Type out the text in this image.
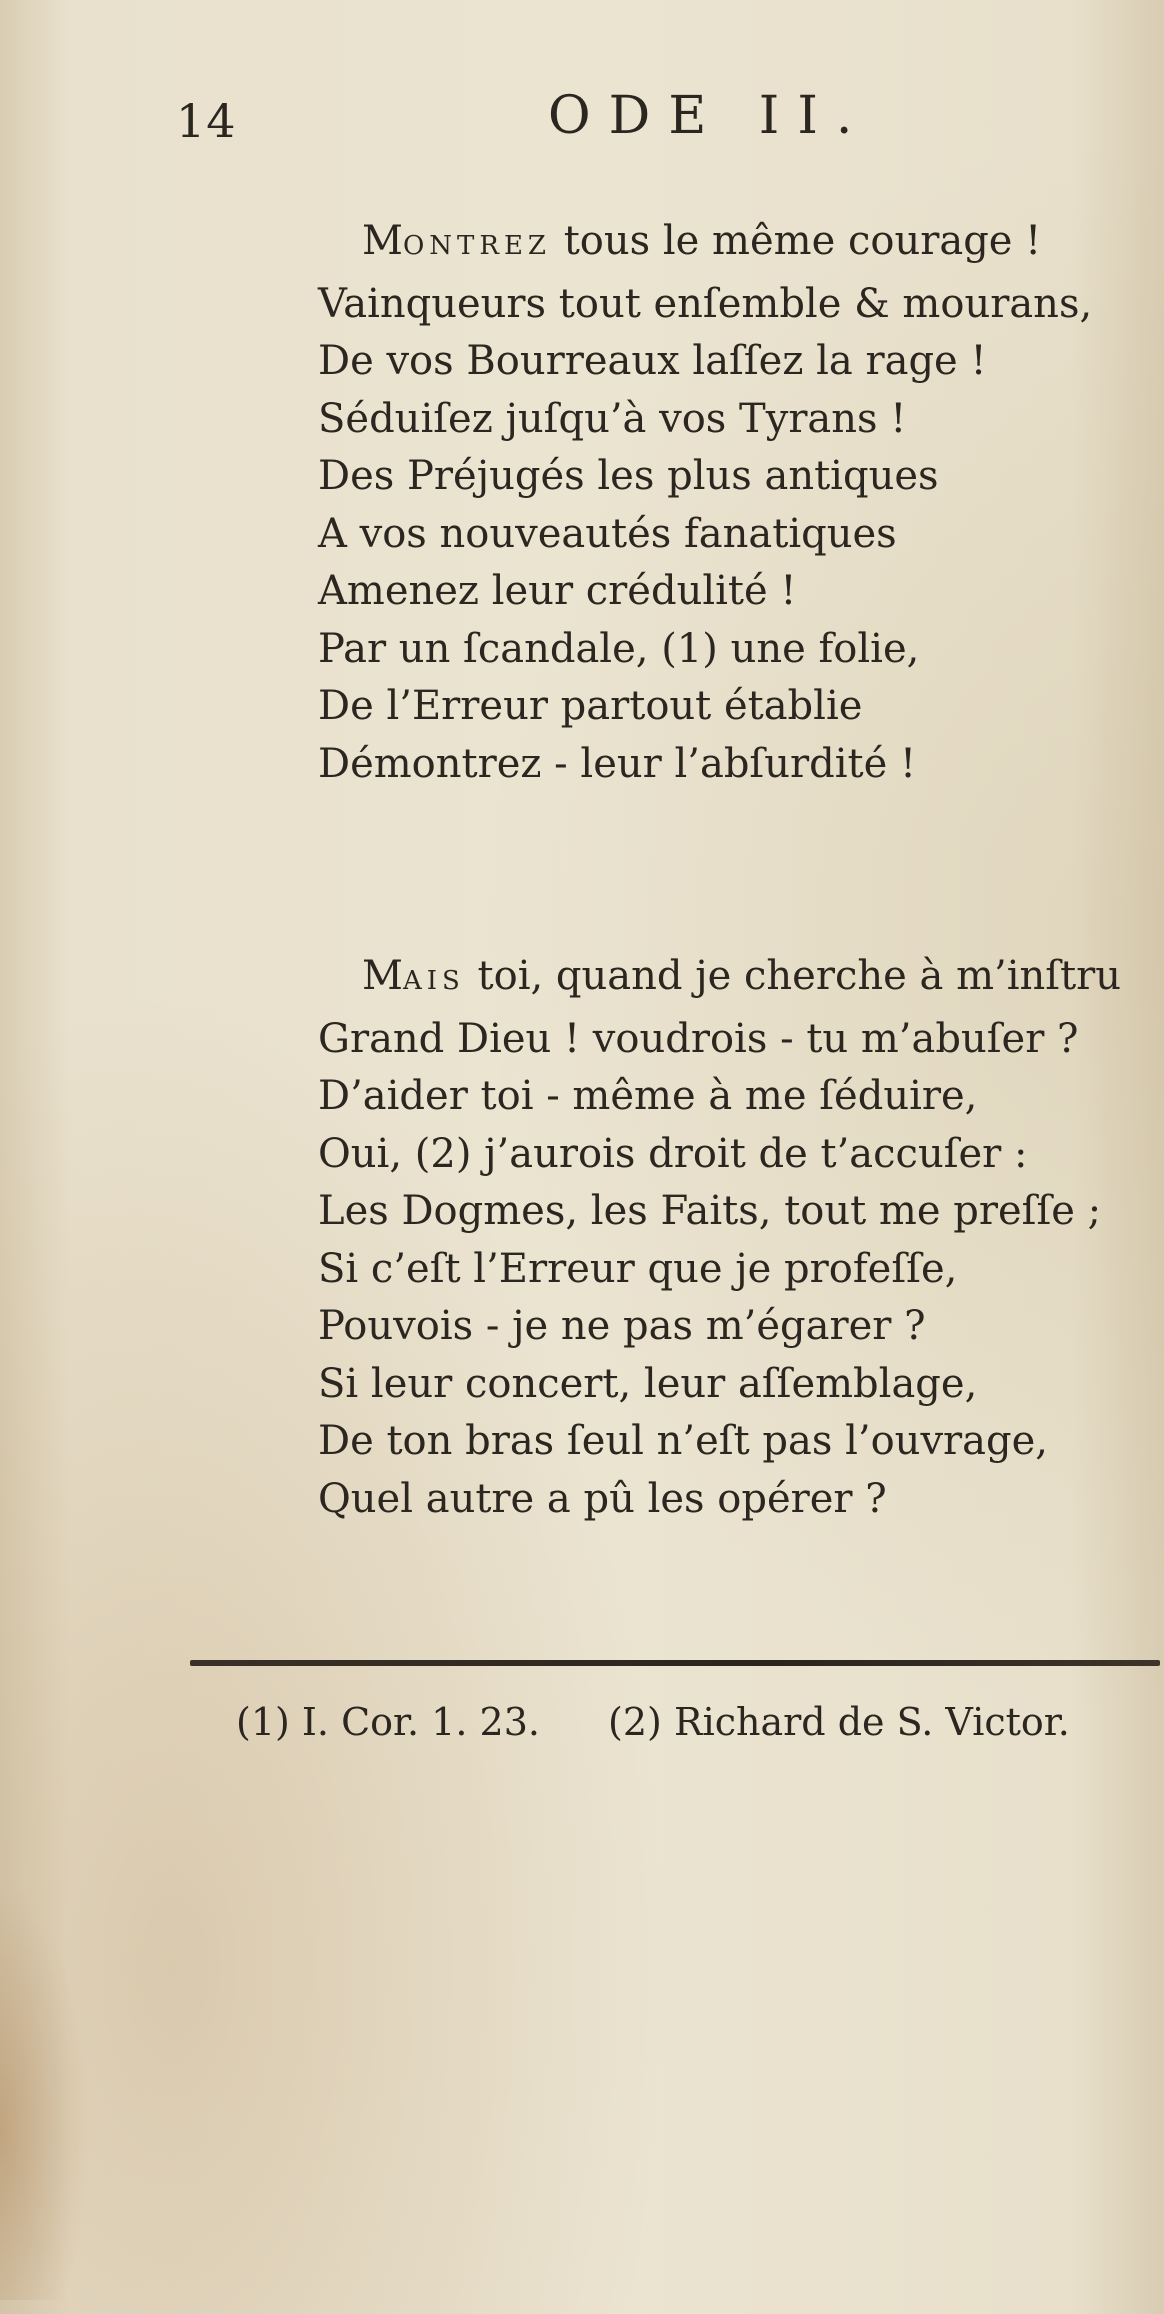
14	ODE II.
MONTREZ tous le même courage !
Vainqueurs tout enſemble & mourans,
De vos Bourreaux laſſez la rage !
Séduiſez juſqu’à vos Tyrans !
Des Préjugés les plus antiques
A vos nouveautés fanatiques
Amenez leur crédulité !
Par un ſcandale, (1) une folie,
De l’Erreur partout établie
Démontrez - leur l’abſurdité !
MAIS toi, quand je cherche à m’inſtru
Grand Dieu ! voudrois - tu m’abuſer ?
D’aider toi - même à me ſéduire,
Oui, (2) j’aurois droit de t’accuſer :
Les Dogmes, les Faits, tout me preſſe ;
Si c’eſt l’Erreur que je profeſſe,
Pouvois - je ne pas m’égarer ?
Si leur concert, leur aſſemblage,
De ton bras ſeul n’eſt pas l’ouvrage,
Quel autre a pû les opérer ?
(1) I. Cor. 1. 23. (2) Richard de S. Victor.
